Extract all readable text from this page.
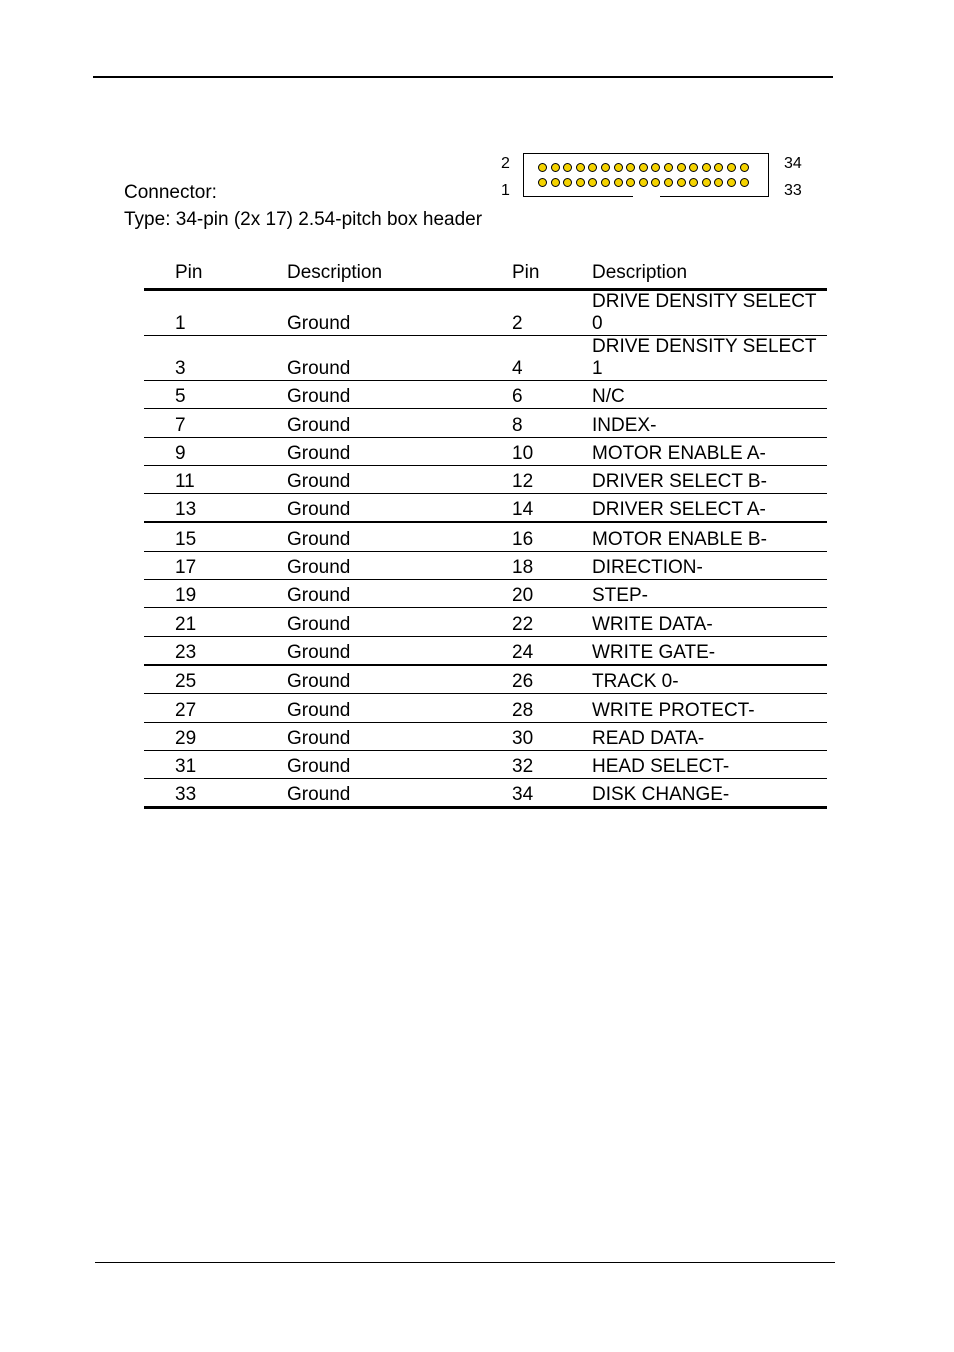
2
1
34
33
Connector:
Type: 34-pin (2x 17) 2.54-pitch box header
Pin	Description	Pin	Description
1	Ground	2	DRIVE DENSITY SELECT 0
3	Ground	4	DRIVE DENSITY SELECT 1
5	Ground	6	N/C
7	Ground	8	INDEX-
9	Ground	10	MOTOR ENABLE A-
11	Ground	12	DRIVER SELECT B-
13	Ground	14	DRIVER SELECT A-
15	Ground	16	MOTOR ENABLE B-
17	Ground	18	DIRECTION-
19	Ground	20	STEP-
21	Ground	22	WRITE DATA-
23	Ground	24	WRITE GATE-
25	Ground	26	TRACK 0-
27	Ground	28	WRITE PROTECT-
29	Ground	30	READ DATA-
31	Ground	32	HEAD SELECT-
33	Ground	34	DISK CHANGE-
